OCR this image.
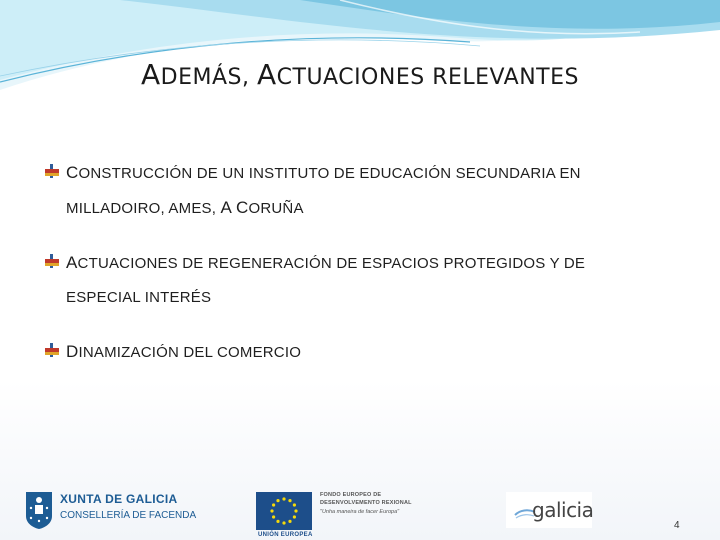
ADEMÁS, ACTUACIONES RELEVANTES
CONSTRUCCIÓN DE UN INSTITUTO DE EDUCACIÓN SECUNDARIA EN
MILLADOIRO, AMES, A CORUÑA
ACTUACIONES DE REGENERACIÓN DE ESPACIOS PROTEGIDOS Y DE
ESPECIAL INTERÉS
DINAMIZACIÓN DEL COMERCIO
XUNTA DE GALICIA
CONSELLERÍA DE FACENDA
UNIÓN EUROPEA
FONDO EUROPEO DE
DESENVOLVEMENTO REXIONAL
"Unha maneira de facer Europa"	galicia
4
